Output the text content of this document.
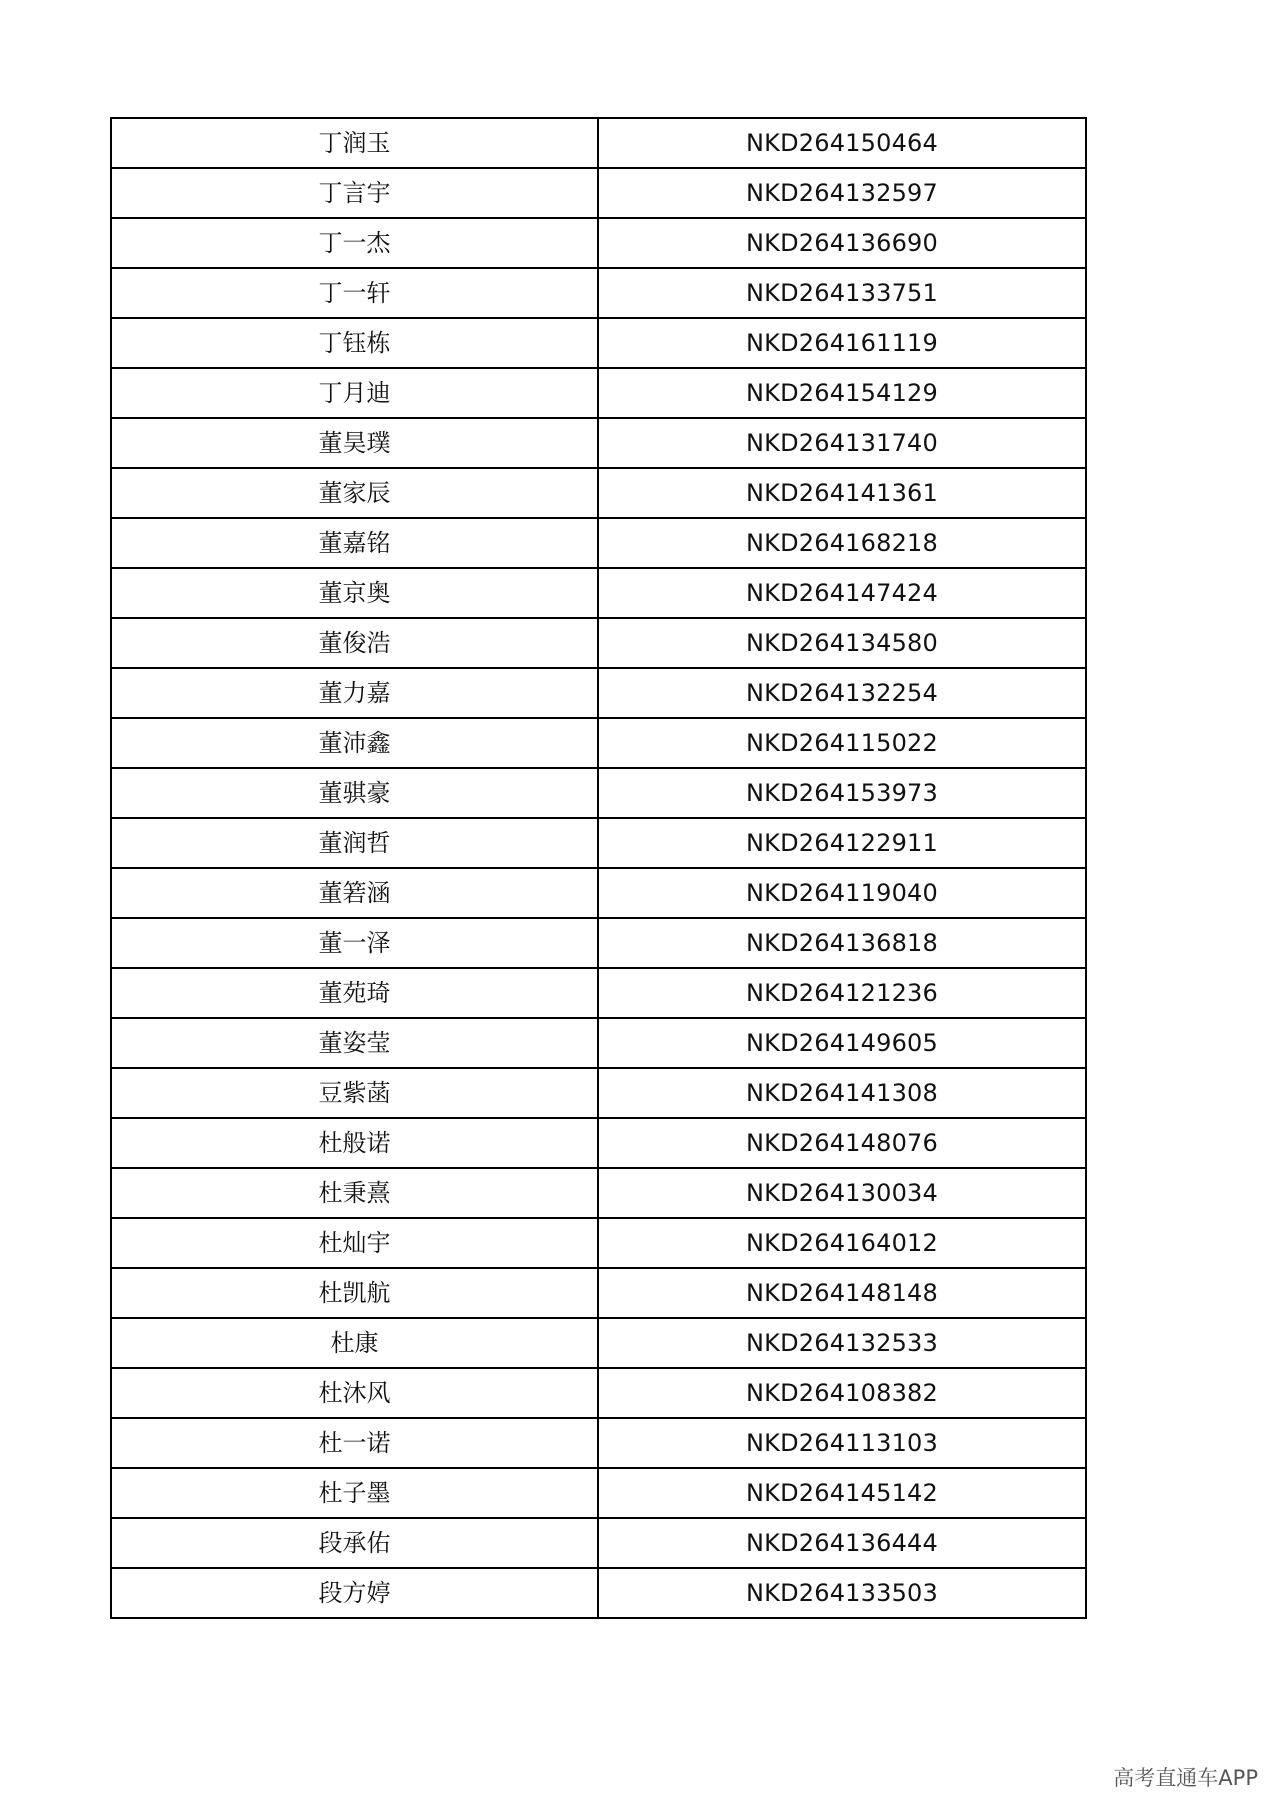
丁润玉	NKD264150464
丁言宇	NKD264132597
丁一杰	NKD264136690
丁一轩	NKD264133751
丁钰栋	NKD264161119
丁月迪	NKD264154129
董昊璞	NKD264131740
董家辰	NKD264141361
董嘉铭	NKD264168218
董京奥	NKD264147424
董俊浩	NKD264134580
董力嘉	NKD264132254
董沛鑫	NKD264115022
董骐豪	NKD264153973
董润哲	NKD264122911
董箬涵	NKD264119040
董一泽	NKD264136818
董苑琦	NKD264121236
董姿莹	NKD264149605
豆紫菡	NKD264141308
杜般诺	NKD264148076
杜秉熹	NKD264130034
杜灿宇	NKD264164012
杜凯航	NKD264148148
杜康	NKD264132533
杜沐风	NKD264108382
杜一诺	NKD264113103
杜子墨	NKD264145142
段承佑	NKD264136444
段方婷	NKD264133503
高考直通车APP
